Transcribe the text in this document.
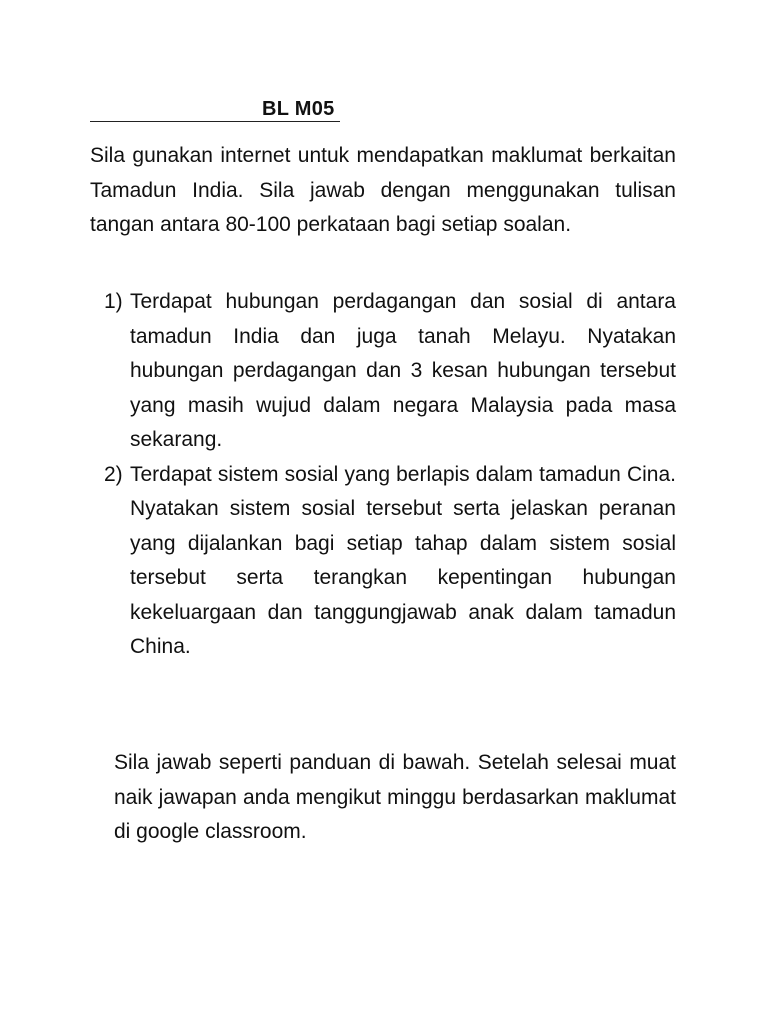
BL M05

Sila gunakan internet untuk mendapatkan maklumat berkaitan Tamadun India. Sila jawab dengan menggunakan tulisan tangan antara 80-100 perkataan bagi setiap soalan.

1) Terdapat hubungan perdagangan dan sosial di antara tamadun India dan juga tanah Melayu. Nyatakan hubungan perdagangan dan 3 kesan hubungan tersebut yang masih wujud dalam negara Malaysia pada masa sekarang.
2) Terdapat sistem sosial yang berlapis dalam tamadun Cina. Nyatakan sistem sosial tersebut serta jelaskan peranan yang dijalankan bagi setiap tahap dalam sistem sosial tersebut serta terangkan kepentingan hubungan kekeluargaan dan tanggungjawab anak dalam tamadun China.

Sila jawab seperti panduan di bawah. Setelah selesai muat naik jawapan anda mengikut minggu berdasarkan maklumat di google classroom.
